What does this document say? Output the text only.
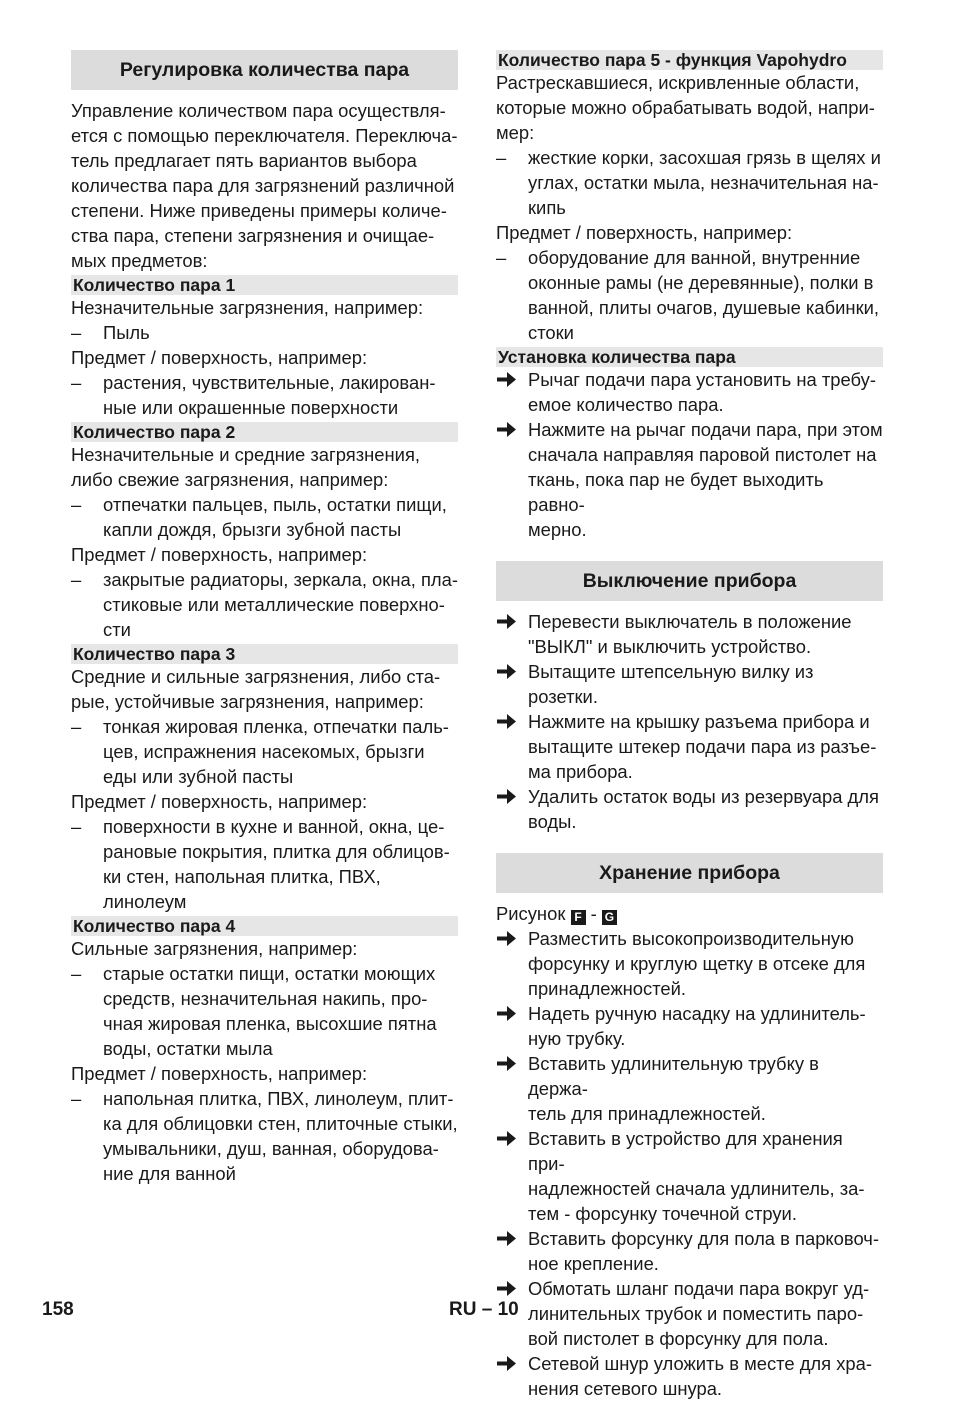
Регулировка количества пара
Управление количеством пара осуществля-
ется с помощью переключателя. Переключа-
тель предлагает пять вариантов выбора
количества пара для загрязнений различной
степени. Ниже приведены примеры количе-
ства пара, степени загрязнения и очищае-
мых предметов:
Количество пара 1
Незначительные загрязнения, например:
– Пыль
Предмет / поверхность, например:
– растения, чувствительные, лакирован-
ные или окрашенные поверхности
Количество пара 2
Незначительные и средние загрязнения,
либо свежие загрязнения, например:
– отпечатки пальцев, пыль, остатки пищи,
капли дождя, брызги зубной пасты
Предмет / поверхность, например:
– закрытые радиаторы, зеркала, окна, пла-
стиковые или металлические поверхно-
сти
Количество пара 3
Средние и сильные загрязнения, либо ста-
рые, устойчивые загрязнения, например:
– тонкая жировая пленка, отпечатки паль-
цев, испражнения насекомых, брызги
еды или зубной пасты
Предмет / поверхность, например:
– поверхности в кухне и ванной, окна, це-
рановые покрытия, плитка для облицов-
ки стен, напольная плитка, ПВХ,
линолеум
Количество пара 4
Сильные загрязнения, например:
– старые остатки пищи, остатки моющих
средств, незначительная накипь, про-
чная жировая пленка, высохшие пятна
воды, остатки мыла
Предмет / поверхность, например:
– напольная плитка, ПВХ, линолеум, плит-
ка для облицовки стен, плиточные стыки,
умывальники, душ, ванная, оборудова-
ние для ванной
Количество пара 5 - функция Vapohydro
Растрескавшиеся, искривленные области,
которые можно обрабатывать водой, напри-
мер:
– жесткие корки, засохшая грязь в щелях и
углах, остатки мыла, незначительная на-
кипь
Предмет / поверхность, например:
– оборудование для ванной, внутренние
оконные рамы (не деревянные), полки в
ванной, плиты очагов, душевые кабинки,
стоки
Установка количества пара
Рычаг подачи пара установить на требу-
емое количество пара.
Нажмите на рычаг подачи пара, при этом
сначала направляя паровой пистолет на
ткань, пока пар не будет выходить равно-
мерно.
Выключение прибора
Перевести выключатель в положение
"ВЫКЛ" и выключить устройство.
Вытащите штепсельную вилку из розетки.
Нажмите на крышку разъема прибора и
вытащите штекер подачи пара из разъе-
ма прибора.
Удалить остаток воды из резервуара для
воды.
Хранение прибора
Рисунок F - G
Разместить высокопроизводительную
форсунку и круглую щетку в отсеке для
принадлежностей.
Надеть ручную насадку на удлинитель-
ную трубку.
Вставить удлинительную трубку в держа-
тель для принадлежностей.
Вставить в устройство для хранения при-
надлежностей сначала удлинитель, за-
тем - форсунку точечной струи.
Вставить форсунку для пола в парковоч-
ное крепление.
Обмотать шланг подачи пара вокруг уд-
линительных трубок и поместить паро-
вой пистолет в форсунку для пола.
Сетевой шнур уложить в месте для хра-
нения сетевого шнура.
158	RU – 10
